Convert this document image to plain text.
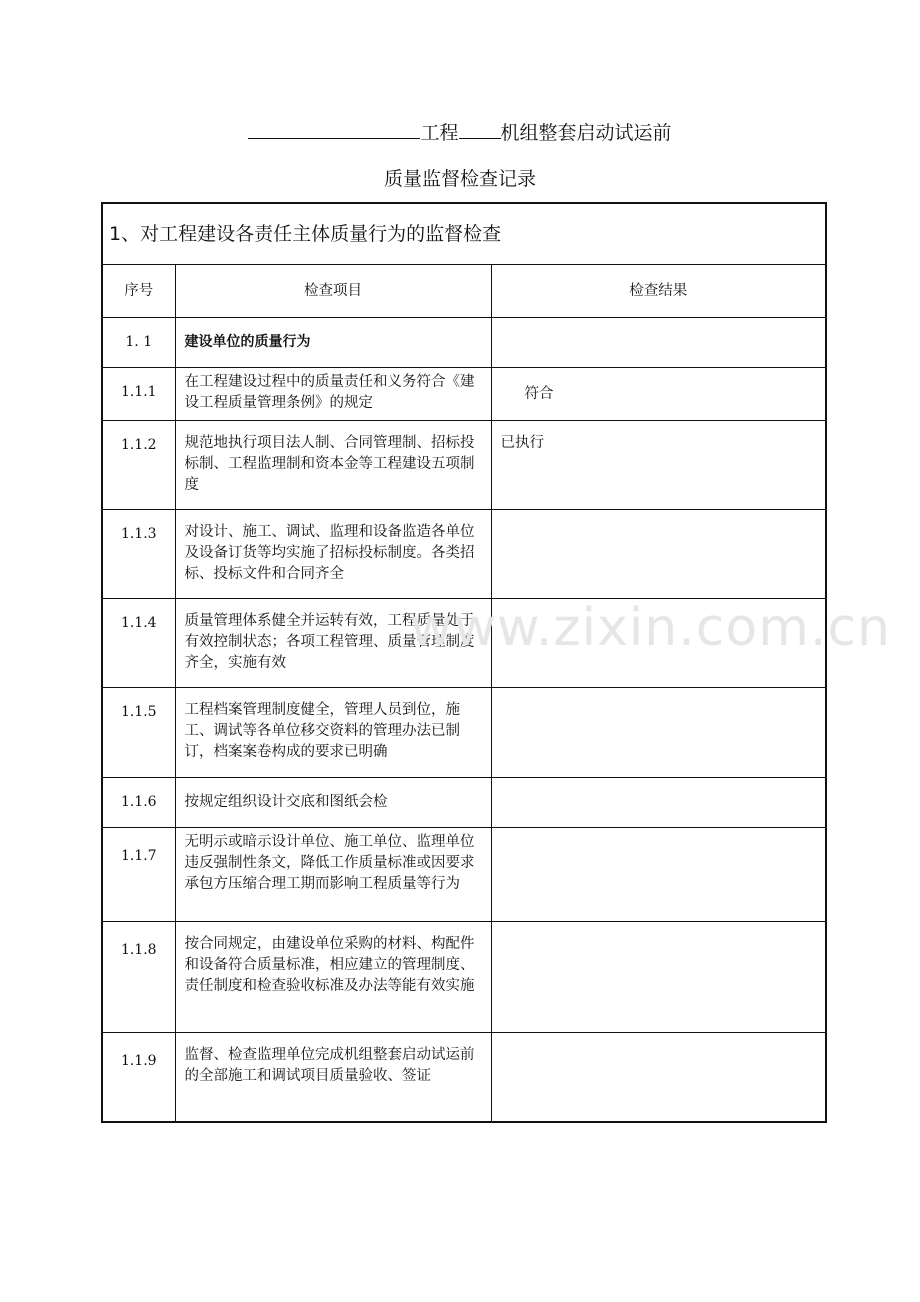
工程 机组整套启动试运前
质量监督检查记录
1、对工程建设各责任主体质量行为的监督检查		
序号	检查项目	检查结果
1. 1	建设单位的质量行为	
1.1.1	在工程建设过程中的质量责任和义务符合《建设工程质量管理条例》的规定	符合
1.1.2	规范地执行项目法人制、合同管理制、招标投标制、工程监理制和资本金等工程建设五项制度	已执行
1.1.3	对设计、施工、调试、监理和设备监造各单位及设备订货等均实施了招标投标制度。各类招标、投标文件和合同齐全	
1.1.4	质量管理体系健全并运转有效，工程质量处于有效控制状态；各项工程管理、质量管理制度齐全，实施有效	
1.1.5	工程档案管理制度健全，管理人员到位，施工、调试等各单位移交资料的管理办法已制订，档案案卷构成的要求已明确	
1.1.6	按规定组织设计交底和图纸会检	
1.1.7	无明示或暗示设计单位、施工单位、监理单位违反强制性条文，降低工作质量标准或因要求承包方压缩合理工期而影响工程质量等行为	
1.1.8	按合同规定，由建设单位采购的材料、构配件和设备符合质量标准，相应建立的管理制度、责任制度和检查验收标准及办法等能有效实施	
1.1.9	监督、检查监理单位完成机组整套启动试运前的全部施工和调试项目质量验收、签证	
www.zixin.com.cn
